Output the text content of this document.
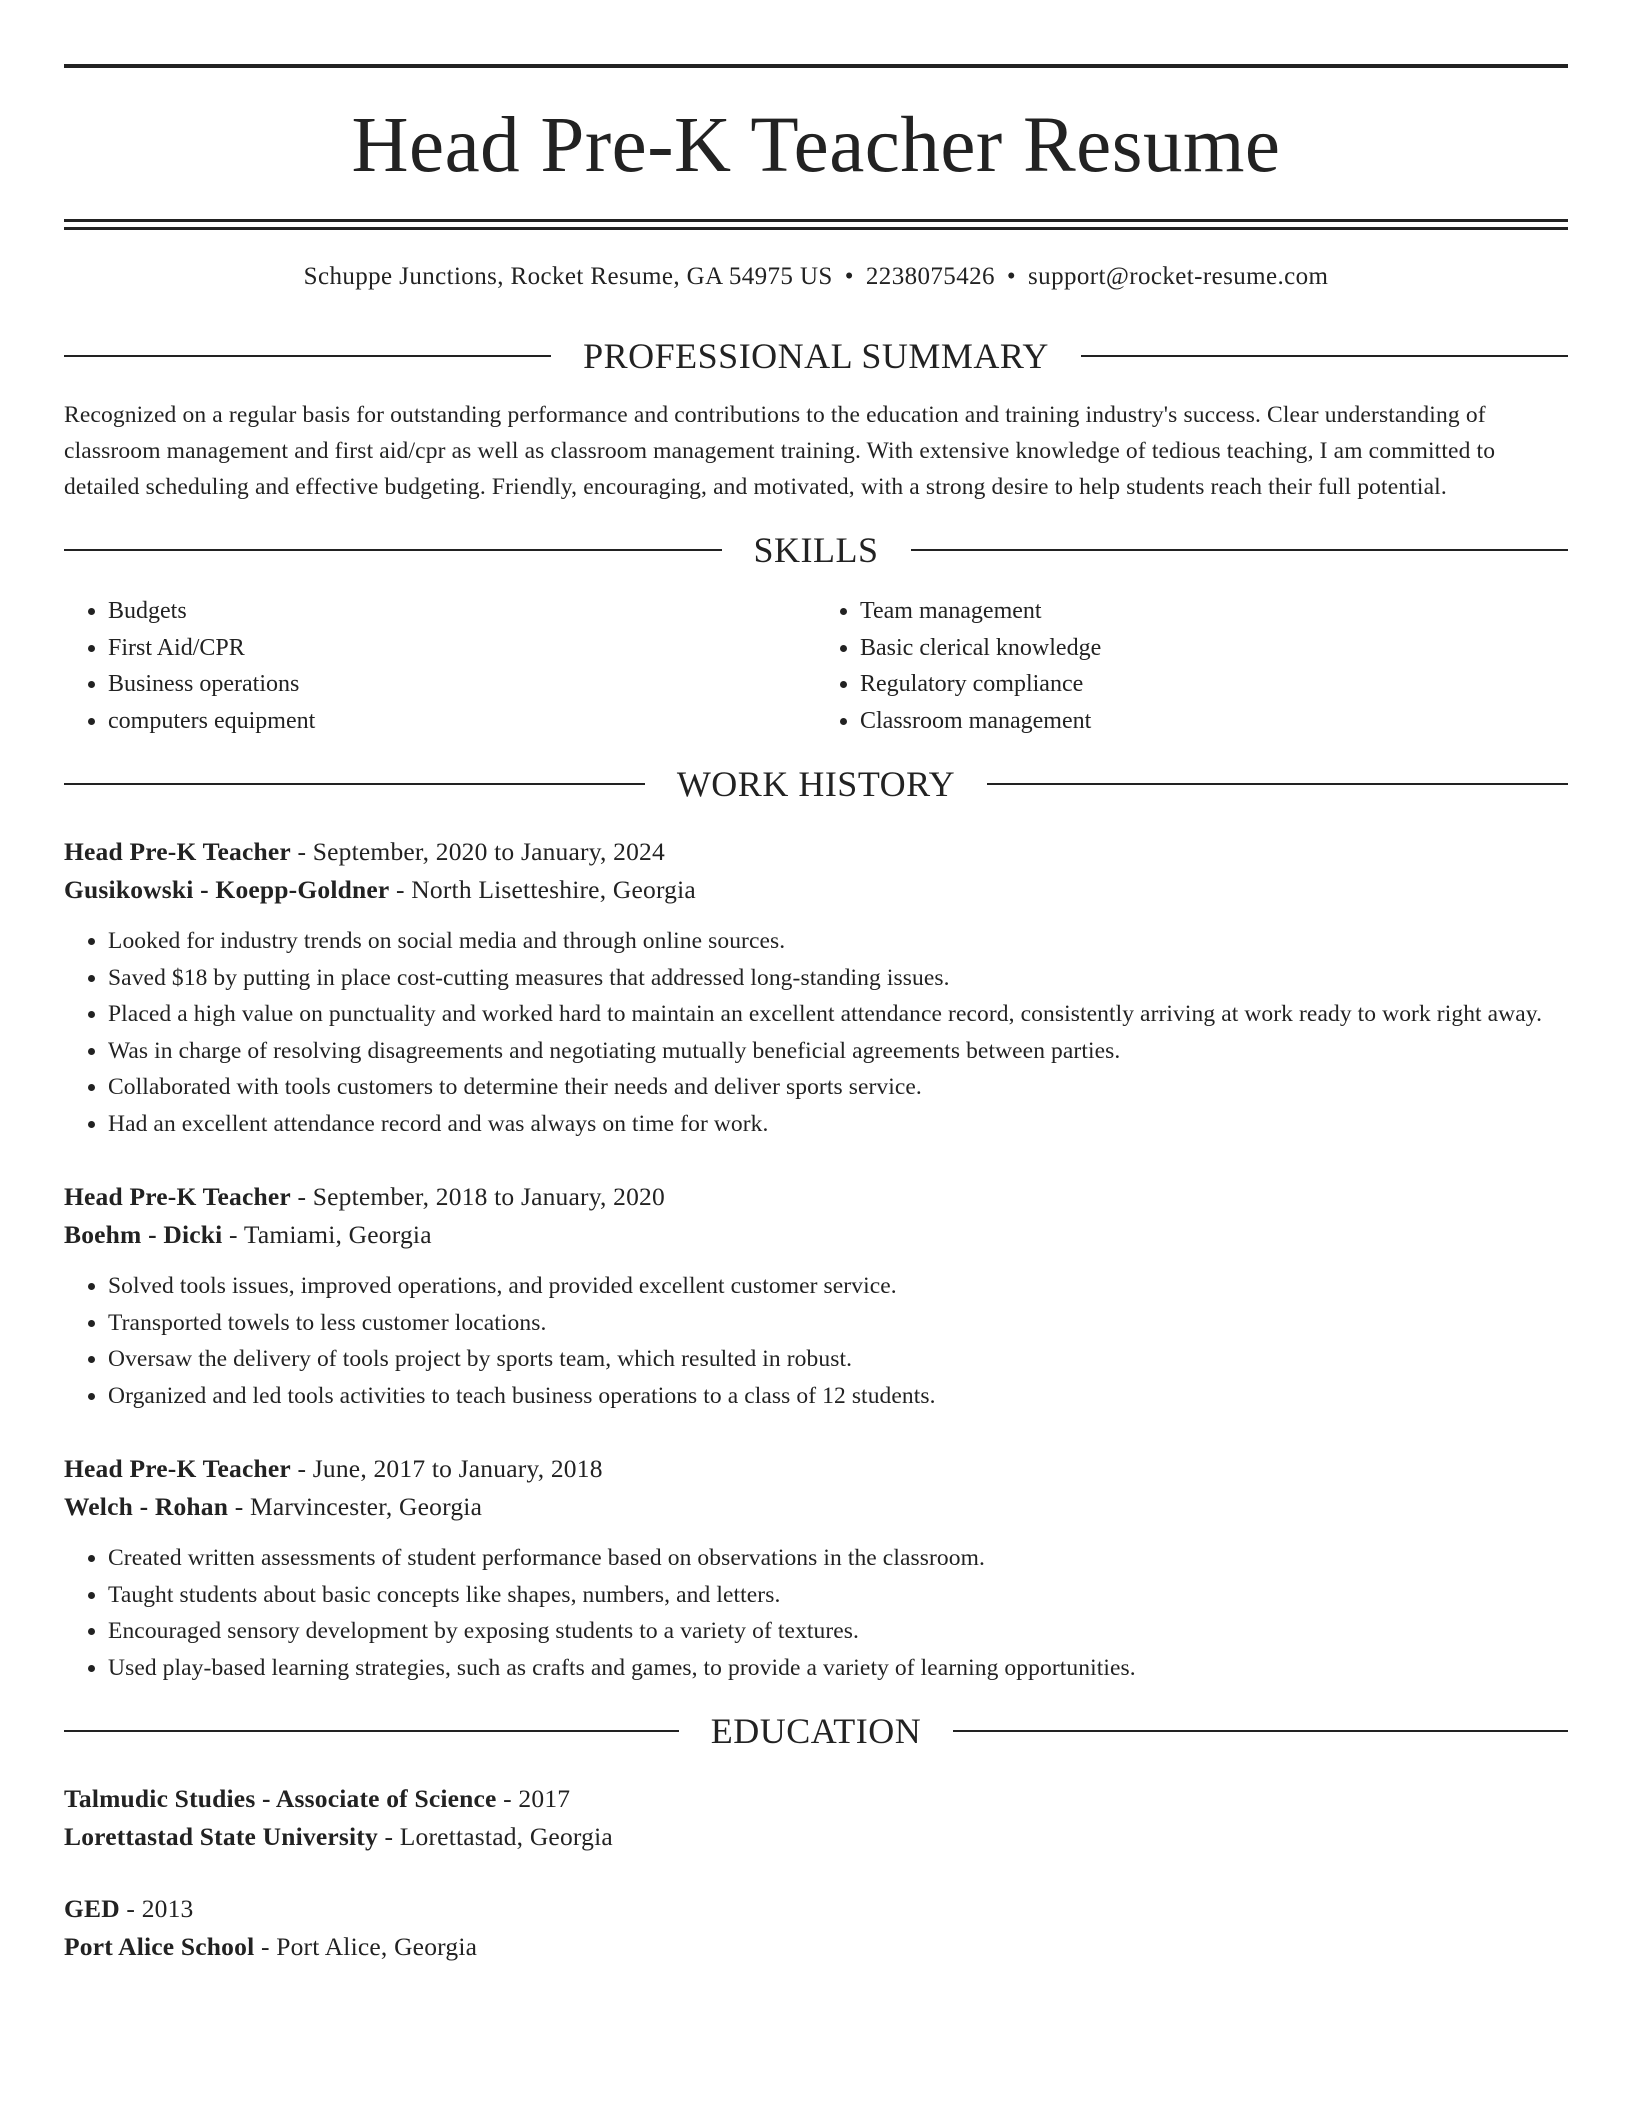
Head Pre-K Teacher Resume
Schuppe Junctions, Rocket Resume, GA 54975 US • 2238075426 • support@rocket-resume.com
PROFESSIONAL SUMMARY
Recognized on a regular basis for outstanding performance and contributions to the education and training industry's success. Clear understanding of classroom management and first aid/cpr as well as classroom management training. With extensive knowledge of tedious teaching, I am committed to detailed scheduling and effective budgeting. Friendly, encouraging, and motivated, with a strong desire to help students reach their full potential.
SKILLS
• Budgets
• First Aid/CPR
• Business operations
• computers equipment
• Team management
• Basic clerical knowledge
• Regulatory compliance
• Classroom management
WORK HISTORY
Head Pre-K Teacher - September, 2020 to January, 2024
Gusikowski - Koepp-Goldner - North Lisetteshire, Georgia
• Looked for industry trends on social media and through online sources.
• Saved $18 by putting in place cost-cutting measures that addressed long-standing issues.
• Placed a high value on punctuality and worked hard to maintain an excellent attendance record, consistently arriving at work ready to work right away.
• Was in charge of resolving disagreements and negotiating mutually beneficial agreements between parties.
• Collaborated with tools customers to determine their needs and deliver sports service.
• Had an excellent attendance record and was always on time for work.
Head Pre-K Teacher - September, 2018 to January, 2020
Boehm - Dicki - Tamiami, Georgia
• Solved tools issues, improved operations, and provided excellent customer service.
• Transported towels to less customer locations.
• Oversaw the delivery of tools project by sports team, which resulted in robust.
• Organized and led tools activities to teach business operations to a class of 12 students.
Head Pre-K Teacher - June, 2017 to January, 2018
Welch - Rohan - Marvincester, Georgia
• Created written assessments of student performance based on observations in the classroom.
• Taught students about basic concepts like shapes, numbers, and letters.
• Encouraged sensory development by exposing students to a variety of textures.
• Used play-based learning strategies, such as crafts and games, to provide a variety of learning opportunities.
EDUCATION
Talmudic Studies - Associate of Science - 2017
Lorettastad State University - Lorettastad, Georgia
GED - 2013
Port Alice School - Port Alice, Georgia
